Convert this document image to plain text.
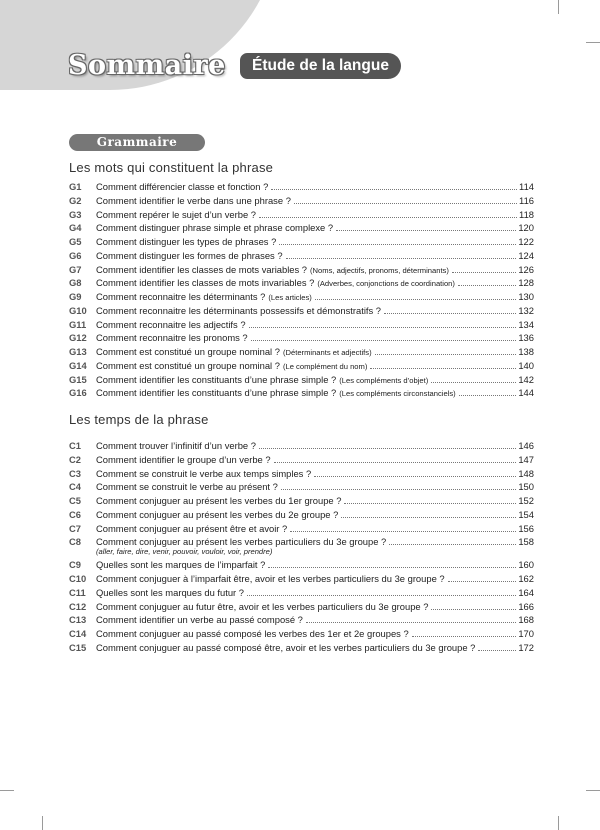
Sommaire	Étude de la langue
Grammaire
Les mots qui constituent la phrase
G1	Comment différencier classe et fonction ?	114
G2	Comment identifier le verbe dans une phrase ?	116
G3	Comment repérer le sujet d’un verbe ?	118
G4	Comment distinguer phrase simple et phrase complexe ?	120
G5	Comment distinguer les types de phrases ?	122
G6	Comment distinguer les formes de phrases ?	124
G7	Comment identifier les classes de mots variables ? (Noms, adjectifs, pronoms, déterminants)	126
G8	Comment identifier les classes de mots invariables ? (Adverbes, conjonctions de coordination)	128
G9	Comment reconnaitre les déterminants ? (Les articles)	130
G10 Comment reconnaitre les déterminants possessifs et démonstratifs ?	132
G11	Comment reconnaitre les adjectifs ?	134
G12 Comment reconnaitre les pronoms ?	136
G13 Comment est constitué un groupe nominal ? (Déterminants et adjectifs)	138
G14 Comment est constitué un groupe nominal ? (Le complément du nom)	140
G15 Comment identifier les constituants d’une phrase simple ? (Les compléments d’objet)	142
G16 Comment identifier les constituants d’une phrase simple ? (Les compléments circonstanciels)	144
Les temps de la phrase
C1	Comment trouver l’infinitif d’un verbe ?	146
C2	Comment identifier le groupe d’un verbe ?	147
C3	Comment se construit le verbe aux temps simples ?	148
C4	Comment se construit le verbe au présent ?	150
C5	Comment conjuguer au présent les verbes du 1er groupe ?	152
C6	Comment conjuguer au présent les verbes du 2e groupe ?	154
C7	Comment conjuguer au présent être et avoir ?	156
C8	Comment conjuguer au présent les verbes particuliers du 3e groupe ?	158
(aller, faire, dire, venir, pouvoir, vouloir, voir, prendre)
C9	Quelles sont les marques de l’imparfait ?	160
C10	Comment conjuguer à l’imparfait être, avoir et les verbes particuliers du 3e groupe ?	162
C11	Quelles sont les marques du futur ?	164
C12	Comment conjuguer au futur être, avoir et les verbes particuliers du 3e groupe ?	166
C13	Comment identifier un verbe au passé composé ?	168
C14	Comment conjuguer au passé composé les verbes des 1er et 2e groupes ?	170
C15	Comment conjuguer au passé composé être, avoir et les verbes particuliers du 3e groupe ?	172
